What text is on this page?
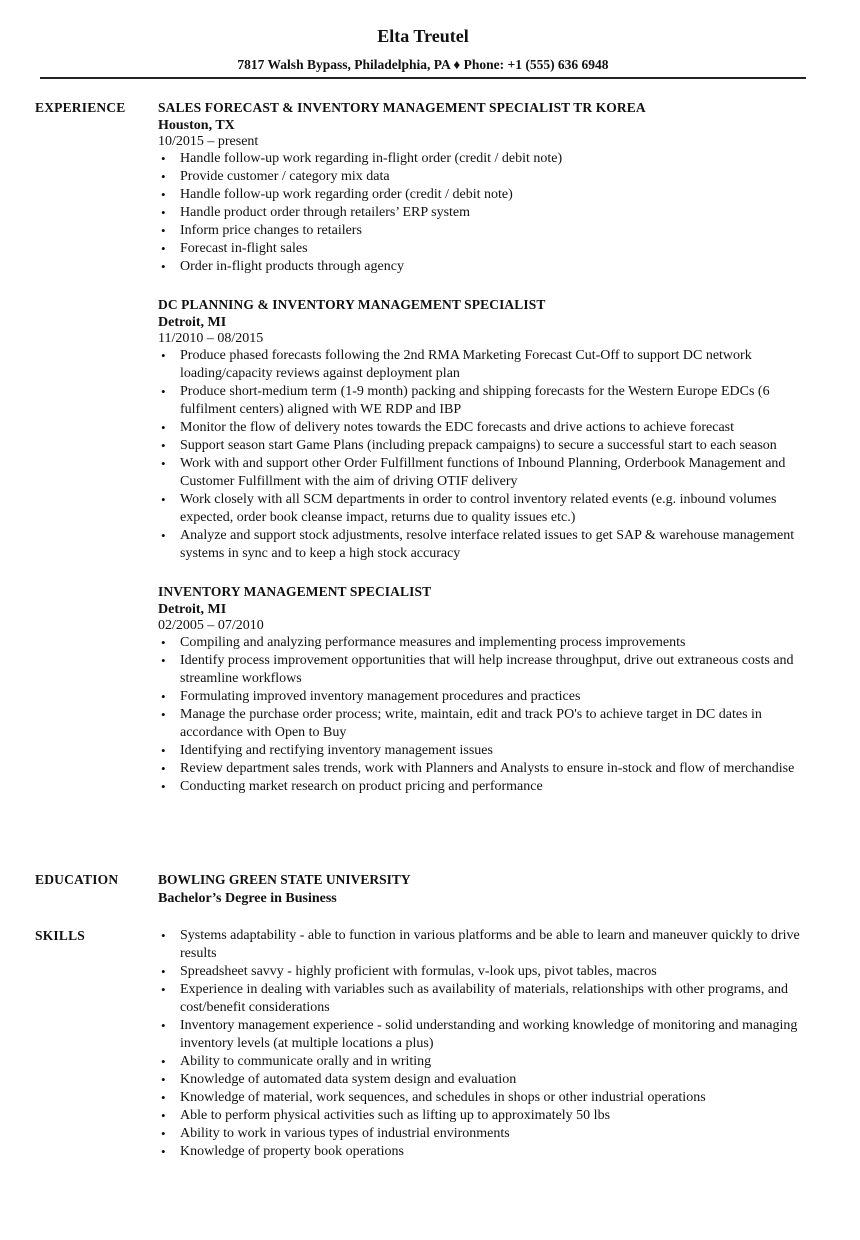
Elta Treutel
7817 Walsh Bypass, Philadelphia, PA ♦ Phone: +1 (555) 636 6948
EXPERIENCE SALES FORECAST & INVENTORY MANAGEMENT SPECIALIST TR KOREA
Houston, TX
10/2015 – present
• Handle follow-up work regarding in-flight order (credit / debit note)
• Provide customer / category mix data
• Handle follow-up work regarding order (credit / debit note)
• Handle product order through retailers’ ERP system
• Inform price changes to retailers
• Forecast in-flight sales
• Order in-flight products through agency
DC PLANNING & INVENTORY MANAGEMENT SPECIALIST
Detroit, MI
11/2010 – 08/2015
• Produce phased forecasts following the 2nd RMA Marketing Forecast Cut-Off to support DC network loading/capacity reviews against deployment plan
• Produce short-medium term (1-9 month) packing and shipping forecasts for the Western Europe EDCs (6 fulfilment centers) aligned with WE RDP and IBP
• Monitor the flow of delivery notes towards the EDC forecasts and drive actions to achieve forecast
• Support season start Game Plans (including prepack campaigns) to secure a successful start to each season
• Work with and support other Order Fulfillment functions of Inbound Planning, Orderbook Management and Customer Fulfillment with the aim of driving OTIF delivery
• Work closely with all SCM departments in order to control inventory related events (e.g. inbound volumes expected, order book cleanse impact, returns due to quality issues etc.)
• Analyze and support stock adjustments, resolve interface related issues to get SAP & warehouse management systems in sync and to keep a high stock accuracy
INVENTORY MANAGEMENT SPECIALIST
Detroit, MI
02/2005 – 07/2010
• Compiling and analyzing performance measures and implementing process improvements
• Identify process improvement opportunities that will help increase throughput, drive out extraneous costs and streamline workflows
• Formulating improved inventory management procedures and practices
• Manage the purchase order process; write, maintain, edit and track PO's to achieve target in DC dates in accordance with Open to Buy
• Identifying and rectifying inventory management issues
• Review department sales trends, work with Planners and Analysts to ensure in-stock and flow of merchandise
• Conducting market research on product pricing and performance
EDUCATION	BOWLING GREEN STATE UNIVERSITY
Bachelor’s Degree in Business
SKILLS
•	Systems adaptability - able to function in various platforms and be able to learn and maneuver quickly to drive results
• Spreadsheet savvy - highly proficient with formulas, v-look ups, pivot tables, macros
• Experience in dealing with variables such as availability of materials, relationships with other programs, and cost/benefit considerations
• Inventory management experience - solid understanding and working knowledge of monitoring and managing inventory levels (at multiple locations a plus)
• Ability to communicate orally and in writing
• Knowledge of automated data system design and evaluation
• Knowledge of material, work sequences, and schedules in shops or other industrial operations
• Able to perform physical activities such as lifting up to approximately 50 lbs
• Ability to work in various types of industrial environments
• Knowledge of property book operations
